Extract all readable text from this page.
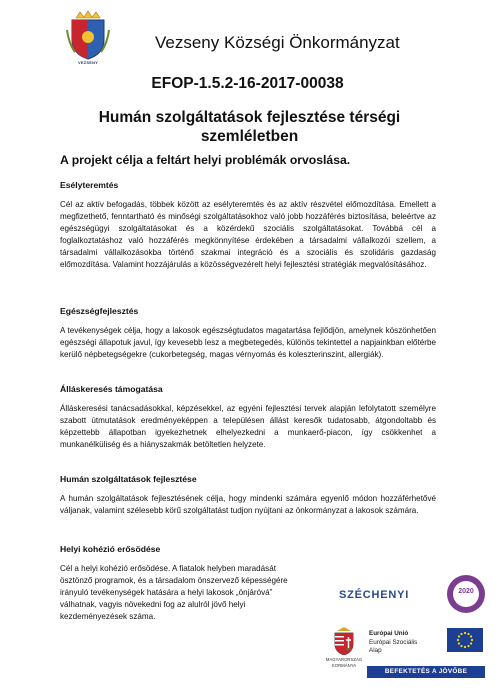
VEZSENY
Vezseny Községi Önkormányzat
EFOP-1.5.2-16-2017-00038
Humán szolgáltatások fejlesztése térségi szemléletben
A projekt célja a feltárt helyi problémák orvoslása.
Esélyteremtés
Cél az aktív befogadás, többek között az esélyteremtés és az aktív részvétel előmozdítása. Emellett a megfizethető, fenntartható és minőségi szolgáltatásokhoz való jobb hozzáférés biztosítása, beleértve az egészségügyi szolgáltatásokat és a közérdekű szociális szolgáltatásokat. Továbbá cél a foglalkoztatáshoz való hozzáférés megkönnyítése érdekében a társadalmi vállalkozói szellem, a társadalmi vállalkozásokba történő szakmai integráció és a szociális és szolidáris gazdaság előmozdítása. Valamint hozzájárulás a közösségvezérelt helyi fejlesztési stratégiák megvalósításához.
Egészségfejlesztés
A tevékenységek célja, hogy a lakosok egészségtudatos magatartása fejlődjön, amelynek köszönhetően egészségi állapotuk javul, így kevesebb lesz a megbetegedés, különös tekintettel a napjainkban előtérbe kerülő népbetegségekre (cukorbetegség, magas vérnyomás és koleszterinszint, allergiák).
Álláskeresés támogatása
Álláskeresési tanácsadásokkal, képzésekkel, az egyéni fejlesztési tervek alapján lefolytatott személyre szabott útmutatások eredményeképpen a településen állást keresők tudatosabb, átgondoltabb és képzettebb állapotban igyekezhetnek elhelyezkedni a munkaerő-piacon, így csökkenhet a munkanélküliség és a hiányszakmák betöltetlen helyzete.
Humán szolgáltatások fejlesztése
A humán szolgáltatások fejlesztésének célja, hogy mindenki számára egyenlő módon hozzáférhetővé váljanak, valamint szélesebb körű szolgáltatást tudjon nyújtani az önkormányzat a lakosok számára.
Helyi kohézió erősödése
Cél a helyi kohézió erősödése. A fiatalok helyben maradását ösztönző programok, és a társadalom önszervező képességére irányuló tevékenységek hatására a helyi lakosok „önjáróvá” válhatnak, vagyis növekedni fog az alulról jövő helyi kezdeményezések száma.
SZÉCHENYI	2020
MAGYARORSZÁG
KORMÁNYA
Európai Unió
Európai Szociális
Alap
BEFEKTETÉS A JÖVŐBE
